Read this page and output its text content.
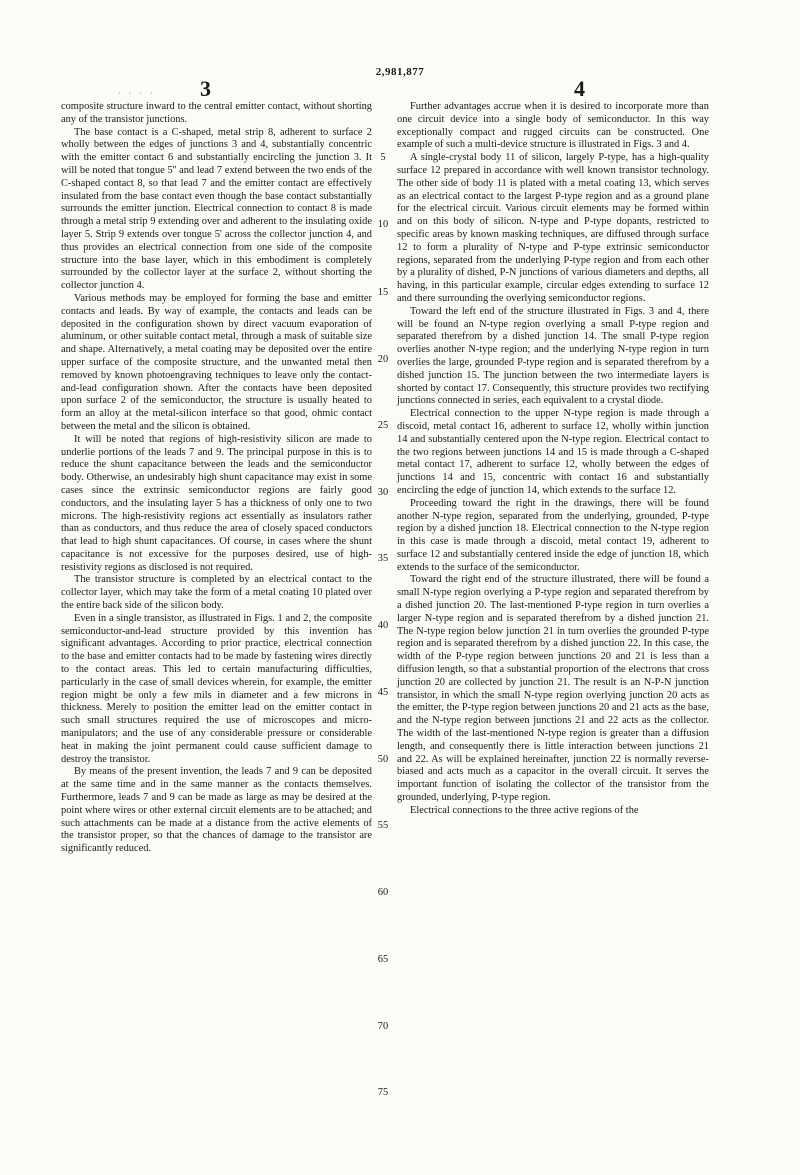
· · · · 3
2,981,877
4

composite structure inward to the central emitter contact, without shorting any of the transistor junctions.

The base contact is a C-shaped, metal strip 8, adherent to surface 2 wholly between the edges of junctions 3 and 4, substantially concentric with the emitter contact 6 and substantially encircling the junction 3. It will be noted that tongue 5'' and lead 7 extend between the two ends of the C-shaped contact 8, so that lead 7 and the emitter contact are effectively insulated from the base contact even though the base contact substantially surrounds the emitter junction. Electrical connection to contact 8 is made through a metal strip 9 extending over and adherent to the insulating oxide layer 5. Strip 9 extends over tongue 5' across the collector junction 4, and thus provides an electrical connection from one side of the composite structure into the base layer, which in this embodiment is completely surrounded by the collector layer at the surface 2, without shorting the collector junction 4.

Various methods may be employed for forming the base and emitter contacts and leads. By way of example, the contacts and leads can be deposited in the configuration shown by direct vacuum evaporation of aluminum, or other suitable contact metal, through a mask of suitable size and shape. Alternatively, a metal coating may be deposited over the entire upper surface of the composite structure, and the unwanted metal then removed by known photoengraving techniques to leave only the contact-and-lead configuration shown. After the contacts have been deposited upon surface 2 of the semiconductor, the structure is usually heated to form an alloy at the metal-silicon interface so that good, ohmic contact between the metal and the silicon is obtained.

It will be noted that regions of high-resistivity silicon are made to underlie portions of the leads 7 and 9. The principal purpose in this is to reduce the shunt capacitance between the leads and the semiconductor body. Otherwise, an undesirably high shunt capacitance may exist in some cases since the extrinsic semiconductor regions are fairly good conductors, and the insulating layer 5 has a thickness of only one to two microns. The high-resistivity regions act essentially as insulators rather than as conductors, and thus reduce the area of closely spaced conductors that lead to high shunt capacitances. Of course, in cases where the shunt capacitance is not excessive for the purposes desired, use of high-resistivity regions as disclosed is not required.

The transistor structure is completed by an electrical contact to the collector layer, which may take the form of a metal coating 10 plated over the entire back side of the silicon body.

Even in a single transistor, as illustrated in Figs. 1 and 2, the composite semiconductor-and-lead structure provided by this invention has significant advantages. According to prior practice, electrical connection to the base and emitter contacts had to be made by fastening wires directly to the contact areas. This led to certain manufacturing difficulties, particularly in the case of small devices wherein, for example, the emitter region might be only a few mils in diameter and a few microns in thickness. Merely to position the emitter lead on the emitter contact in such small structures required the use of microscopes and micro-manipulators; and the use of any considerable pressure or considerable heat in making the joint permanent could cause sufficient damage to destroy the transistor.

By means of the present invention, the leads 7 and 9 can be deposited at the same time and in the same manner as the contacts themselves. Furthermore, leads 7 and 9 can be made as large as may be desired at the point where wires or other external circuit elements are to be attached; and such attachments can be made at a distance from the active elements of the transistor proper, so that the chances of damage to the transistor are significantly reduced.

5
10
15
20
25
30
35
40
45
50
55
60
65
70
75

Further advantages accrue when it is desired to incorporate more than one circuit device into a single body of semiconductor. In this way exceptionally compact and rugged circuits can be constructed. One example of such a multi-device structure is illustrated in Figs. 3 and 4.

A single-crystal body 11 of silicon, largely P-type, has a high-quality surface 12 prepared in accordance with well known transistor technology. The other side of body 11 is plated with a metal coating 13, which serves as an electrical contact to the largest P-type region and as a ground plane for the electrical circuit. Various circuit elements may be formed within and on this body of silicon. N-type and P-type dopants, restricted to specific areas by known masking techniques, are diffused through surface 12 to form a plurality of N-type and P-type extrinsic semiconductor regions, separated from the underlying P-type region and from each other by a plurality of dished, P-N junctions of various diameters and depths, all having, in this particular example, circular edges extending to surface 12 and there surrounding the overlying semiconductor regions.

Toward the left end of the structure illustrated in Figs. 3 and 4, there will be found an N-type region overlying a small P-type region and separated therefrom by a dished junction 14. The small P-type region overlies another N-type region; and the underlying N-type region in turn overlies the large, grounded P-type region and is separated therefrom by a dished junction 15. The junction between the two intermediate layers is shorted by contact 17. Consequently, this structure provides two rectifying junctions connected in series, each equivalent to a crystal diode.

Electrical connection to the upper N-type region is made through a discoid, metal contact 16, adherent to surface 12, wholly within junction 14 and substantially centered upon the N-type region. Electrical contact to the two regions between junctions 14 and 15 is made through a C-shaped metal contact 17, adherent to surface 12, wholly between the edges of junctions 14 and 15, concentric with contact 16 and substantially encircling the edge of junction 14, which extends to the surface 12.

Proceeding toward the right in the drawings, there will be found another N-type region, separated from the underlying, grounded, P-type region by a dished junction 18. Electrical connection to the N-type region in this case is made through a discoid, metal contact 19, adherent to surface 12 and substantially centered inside the edge of junction 18, which extends to the surface of the semiconductor.

Toward the right end of the structure illustrated, there will be found a small N-type region overlying a P-type region and separated therefrom by a dished junction 20. The last-mentioned P-type region in turn overlies a larger N-type region and is separated therefrom by a dished junction 21. The N-type region below junction 21 in turn overlies the grounded P-type region and is separated therefrom by a dished junction 22. In this case, the width of the P-type region between junctions 20 and 21 is less than a diffusion length, so that a substantial proportion of the electrons that cross junction 20 are collected by junction 21. The result is an N-P-N junction transistor, in which the small N-type region overlying junction 20 acts as the emitter, the P-type region between junctions 20 and 21 acts as the base, and the N-type region between junctions 21 and 22 acts as the collector. The width of the last-mentioned N-type region is greater than a diffusion length, and consequently there is little interaction between junctions 21 and 22. As will be explained hereinafter, junction 22 is normally reverse-biased and acts much as a capacitor in the overall circuit. It serves the important function of isolating the collector of the transistor from the grounded, underlying, P-type region.

Electrical connections to the three active regions of the
